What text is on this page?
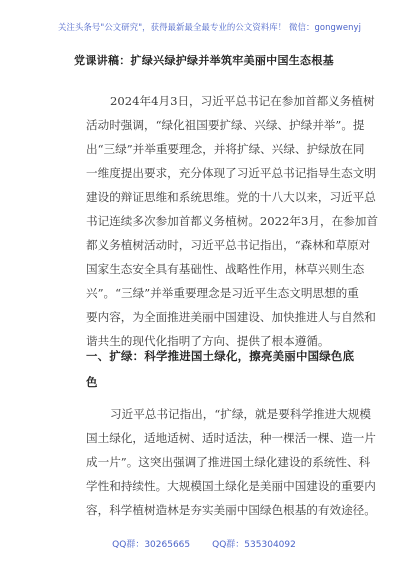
关注头条号"公文研究"，获得最新最全最专业的公文资料库！ 微信：gongwenyj
党课讲稿：扩绿兴绿护绿并举筑牢美丽中国生态根基
2024年4月3日，习近平总书记在参加首都义务植树
活动时强调，“绿化祖国要扩绿、兴绿、护绿并举”。提
出“三绿”并举重要理念，并将扩绿、兴绿、护绿放在同
一维度提出要求，充分体现了习近平总书记指导生态文明
建设的辩证思维和系统思维。党的十八大以来，习近平总
书记连续多次参加首都义务植树。2022年3月，在参加首
都义务植树活动时，习近平总书记指出，“森林和草原对
国家生态安全具有基础性、战略性作用，林草兴则生态
兴”。“三绿”并举重要理念是习近平生态文明思想的重
要内容，为全面推进美丽中国建设、加快推进人与自然和
谐共生的现代化指明了方向、提供了根本遵循。
一、扩绿：科学推进国土绿化，擦亮美丽中国绿色底
色
习近平总书记指出，“扩绿，就是要科学推进大规模
国土绿化，适地适树、适时适法，种一棵活一棵、造一片
成一片”。这突出强调了推进国土绿化建设的系统性、科
学性和持续性。大规模国土绿化是美丽中国建设的重要内
容，科学植树造林是夯实美丽中国绿色根基的有效途径。
QQ群：30265665 QQ群：535304092
